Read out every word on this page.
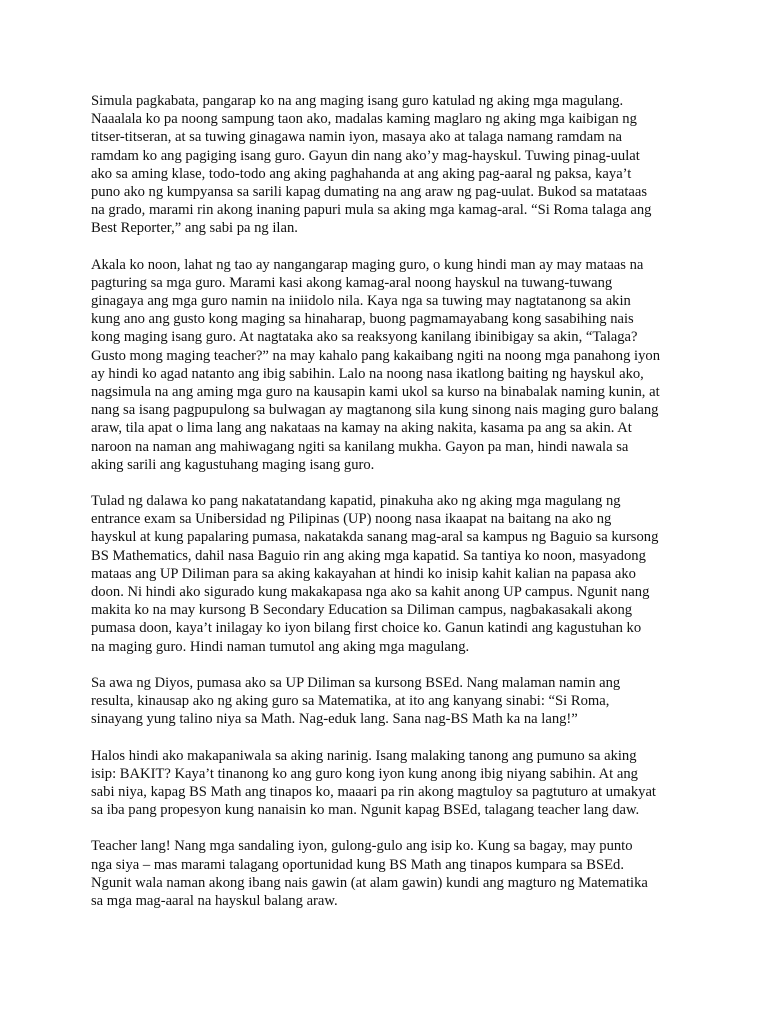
Simula pagkabata, pangarap ko na ang maging isang guro katulad ng aking mga magulang.
Naaalala ko pa noong sampung taon ako, madalas kaming maglaro ng aking mga kaibigan ng
titser-titseran, at sa tuwing ginagawa namin iyon, masaya ako at talaga namang ramdam na
ramdam ko ang pagiging isang guro. Gayun din nang ako’y mag-hayskul. Tuwing pinag-uulat
ako sa aming klase, todo-todo ang aking paghahanda at ang aking pag-aaral ng paksa, kaya’t
puno ako ng kumpyansa sa sarili kapag dumating na ang araw ng pag-uulat. Bukod sa matataas
na grado, marami rin akong inaning papuri mula sa aking mga kamag-aral. “Si Roma talaga ang
Best Reporter,” ang sabi pa ng ilan.

Akala ko noon, lahat ng tao ay nangangarap maging guro, o kung hindi man ay may mataas na
pagturing sa mga guro. Marami kasi akong kamag-aral noong hayskul na tuwang-tuwang
ginagaya ang mga guro namin na iniidolo nila. Kaya nga sa tuwing may nagtatanong sa akin
kung ano ang gusto kong maging sa hinaharap, buong pagmamayabang kong sasabihing nais
kong maging isang guro. At nagtataka ako sa reaksyong kanilang ibinibigay sa akin, “Talaga?
Gusto mong maging teacher?” na may kahalo pang kakaibang ngiti na noong mga panahong iyon
ay hindi ko agad natanto ang ibig sabihin. Lalo na noong nasa ikatlong baiting ng hayskul ako,
nagsimula na ang aming mga guro na kausapin kami ukol sa kurso na binabalak naming kunin, at
nang sa isang pagpupulong sa bulwagan ay magtanong sila kung sinong nais maging guro balang
araw, tila apat o lima lang ang nakataas na kamay na aking nakita, kasama pa ang sa akin. At
naroon na naman ang mahiwagang ngiti sa kanilang mukha. Gayon pa man, hindi nawala sa
aking sarili ang kagustuhang maging isang guro.

Tulad ng dalawa ko pang nakatatandang kapatid, pinakuha ako ng aking mga magulang ng
entrance exam sa Unibersidad ng Pilipinas (UP) noong nasa ikaapat na baitang na ako ng
hayskul at kung papalaring pumasa, nakatakda sanang mag-aral sa kampus ng Baguio sa kursong
BS Mathematics, dahil nasa Baguio rin ang aking mga kapatid. Sa tantiya ko noon, masyadong
mataas ang UP Diliman para sa aking kakayahan at hindi ko inisip kahit kalian na papasa ako
doon. Ni hindi ako sigurado kung makakapasa nga ako sa kahit anong UP campus. Ngunit nang
makita ko na may kursong B Secondary Education sa Diliman campus, nagbakasakali akong
pumasa doon, kaya’t inilagay ko iyon bilang first choice ko. Ganun katindi ang kagustuhan ko
na maging guro. Hindi naman tumutol ang aking mga magulang.

Sa awa ng Diyos, pumasa ako sa UP Diliman sa kursong BSEd. Nang malaman namin ang
resulta, kinausap ako ng aking guro sa Matematika, at ito ang kanyang sinabi: “Si Roma,
sinayang yung talino niya sa Math. Nag-eduk lang. Sana nag-BS Math ka na lang!”

Halos hindi ako makapaniwala sa aking narinig. Isang malaking tanong ang pumuno sa aking
isip: BAKIT? Kaya’t tinanong ko ang guro kong iyon kung anong ibig niyang sabihin. At ang
sabi niya, kapag BS Math ang tinapos ko, maaari pa rin akong magtuloy sa pagtuturo at umakyat
sa iba pang propesyon kung nanaisin ko man. Ngunit kapag BSEd, talagang teacher lang daw.

Teacher lang! Nang mga sandaling iyon, gulong-gulo ang isip ko. Kung sa bagay, may punto
nga siya – mas marami talagang oportunidad kung BS Math ang tinapos kumpara sa BSEd.
Ngunit wala naman akong ibang nais gawin (at alam gawin) kundi ang magturo ng Matematika
sa mga mag-aaral na hayskul balang araw.
